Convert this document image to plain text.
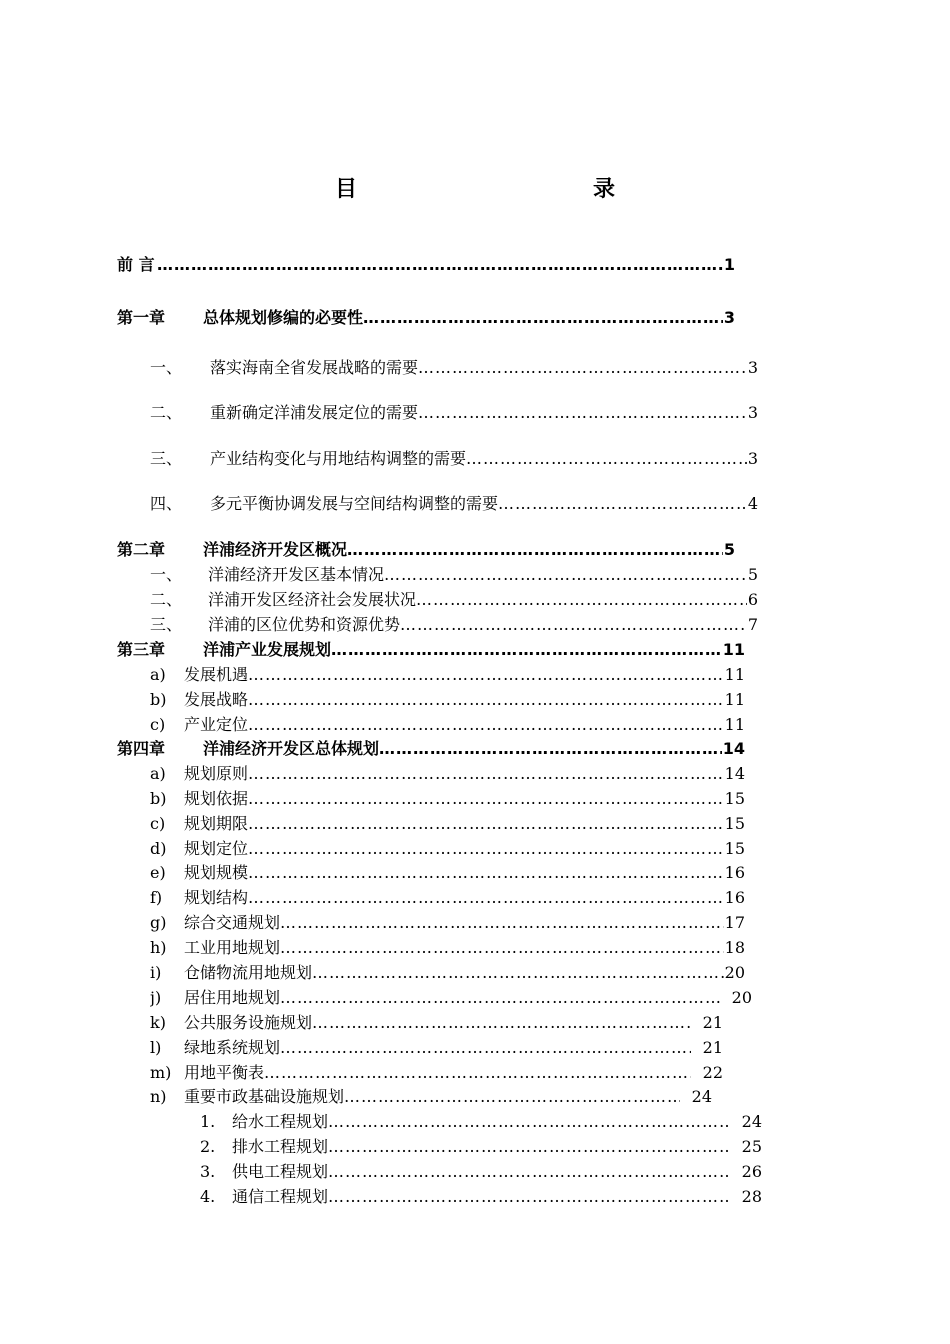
目　　录
前 言 …………………………………………………………………………………………………………………………………………………………………………	1
第一章	总体规划修编的必要性 …………………………………………………………………………………………………………………………………………………………………………	3
一、	落实海南全省发展战略的需要 …………………………………………………………………………………………………………………………………………………………………………	3
二、	重新确定洋浦发展定位的需要 …………………………………………………………………………………………………………………………………………………………………………	3
三、	产业结构变化与用地结构调整的需要 …………………………………………………………………………………………………………………………………………………………………………	3
四、	多元平衡协调发展与空间结构调整的需要 …………………………………………………………………………………………………………………………………………………………………………	4
第二章	洋浦经济开发区概况 …………………………………………………………………………………………………………………………………………………………………………	5
一、	洋浦经济开发区基本情况 …………………………………………………………………………………………………………………………………………………………………………	5
二、	洋浦开发区经济社会发展状况 …………………………………………………………………………………………………………………………………………………………………………	6
三、	洋浦的区位优势和资源优势 …………………………………………………………………………………………………………………………………………………………………………	7
第三章	洋浦产业发展规划 …………………………………………………………………………………………………………………………………………………………………………	11
a)	发展机遇 …………………………………………………………………………………………………………………………………………………………………………	11
b)	发展战略 …………………………………………………………………………………………………………………………………………………………………………	11
c)	产业定位 …………………………………………………………………………………………………………………………………………………………………………	11
第四章	洋浦经济开发区总体规划 …………………………………………………………………………………………………………………………………………………………………………	14
a)	规划原则 …………………………………………………………………………………………………………………………………………………………………………	14
b)	规划依据 …………………………………………………………………………………………………………………………………………………………………………	15
c)	规划期限 …………………………………………………………………………………………………………………………………………………………………………	15
d)	规划定位 …………………………………………………………………………………………………………………………………………………………………………	15
e)	规划规模 …………………………………………………………………………………………………………………………………………………………………………	16
f)	规划结构 …………………………………………………………………………………………………………………………………………………………………………	16
g)	综合交通规划 …………………………………………………………………………………………………………………………………………………………………………	17
h)	工业用地规划 …………………………………………………………………………………………………………………………………………………………………………	18
i)	仓储物流用地规划 …………………………………………………………………………………………………………………………………………………………………………	20
j)	居住用地规划 …………………………………………………………………………………………………………………………………………………………………………	20
k)	公共服务设施规划 …………………………………………………………………………………………………………………………………………………………………………	21
l)	绿地系统规划 …………………………………………………………………………………………………………………………………………………………………………	21
m) 用地平衡表 …………………………………………………………………………………………………………………………………………………………………………	22
n)	重要市政基础设施规划 …………………………………………………………………………………………………………………………………………………………………………	24
1.	给水工程规划 …………………………………………………………………………………………………………………………………………………………………………	24
2.	排水工程规划 …………………………………………………………………………………………………………………………………………………………………………	25
3.	供电工程规划 …………………………………………………………………………………………………………………………………………………………………………	26
4.	通信工程规划 …………………………………………………………………………………………………………………………………………………………………………	28
